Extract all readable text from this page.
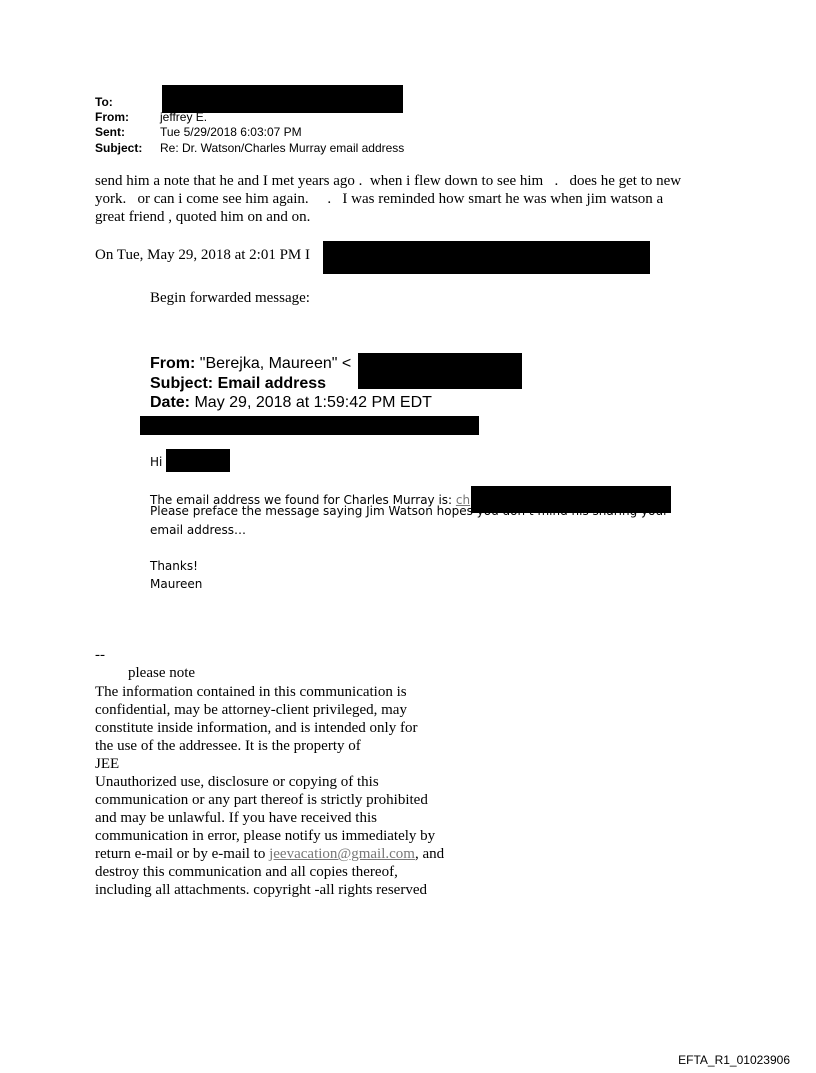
To:
From:	jeffrey E.
Sent:	Tue 5/29/2018 6:03:07 PM
Subject: Re: Dr. Watson/Charles Murray email address
send him a note that he and I met years ago .  when i flew down to see him   .   does he get to new
york.   or can i come see him again.     .   I was reminded how smart he was when jim watson a
great friend , quoted him on and on.
On Tue, May 29, 2018 at 2:01 PM I
Begin forwarded message:
From: "Berejka, Maureen" <
Subject: Email address
Date: May 29, 2018 at 1:59:42 PM EDT
Hi
The email address we found for Charles Murray is: ch
Please preface the message saying Jim Watson hopes you don’t mind his sharing your
email address…
Thanks!
Maureen
--
please note
The information contained in this communication is
confidential, may be attorney-client privileged, may
constitute inside information, and is intended only for
the use of the addressee. It is the property of
JEE
Unauthorized use, disclosure or copying of this
communication or any part thereof is strictly prohibited
and may be unlawful. If you have received this
communication in error, please notify us immediately by
return e-mail or by e-mail to jeevacation@gmail.com, and
destroy this communication and all copies thereof,
including all attachments. copyright -all rights reserved
EFTA_R1_01023906
